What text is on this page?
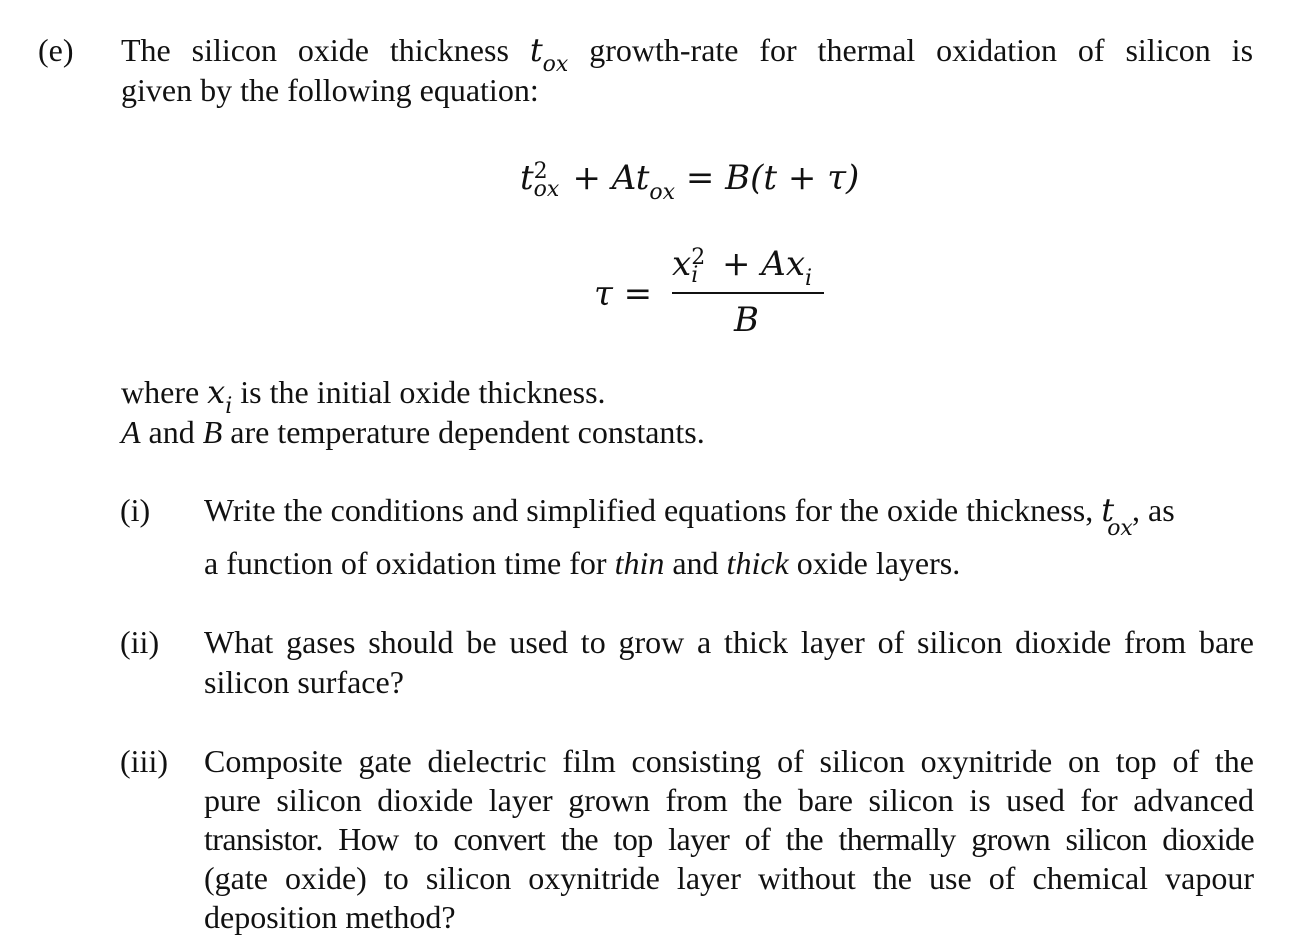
(e) The silicon oxide thickness $t_{ox}$ growth-rate for thermal oxidation of silicon is
given by the following equation:
t 2
ox + $At_{ox} = B(t + \tau)$
τ =
x 2
$i + Ax_i$
B
where $x_i$ is the initial oxide thickness.
A and B are temperature dependent constants.
(i) Write the conditions and simplified equations for the oxide thickness, t
ox
, as
a function of oxidation time for thin and thick oxide layers.
(ii) What gases should be used to grow a thick layer of silicon dioxide from bare
silicon surface?
(iii) Composite gate dielectric film consisting of silicon oxynitride on top of the
pure silicon dioxide layer grown from the bare silicon is used for advanced
transistor. How to convert the top layer of the thermally grown silicon dioxide
(gate oxide) to silicon oxynitride layer without the use of chemical vapour
deposition method?
